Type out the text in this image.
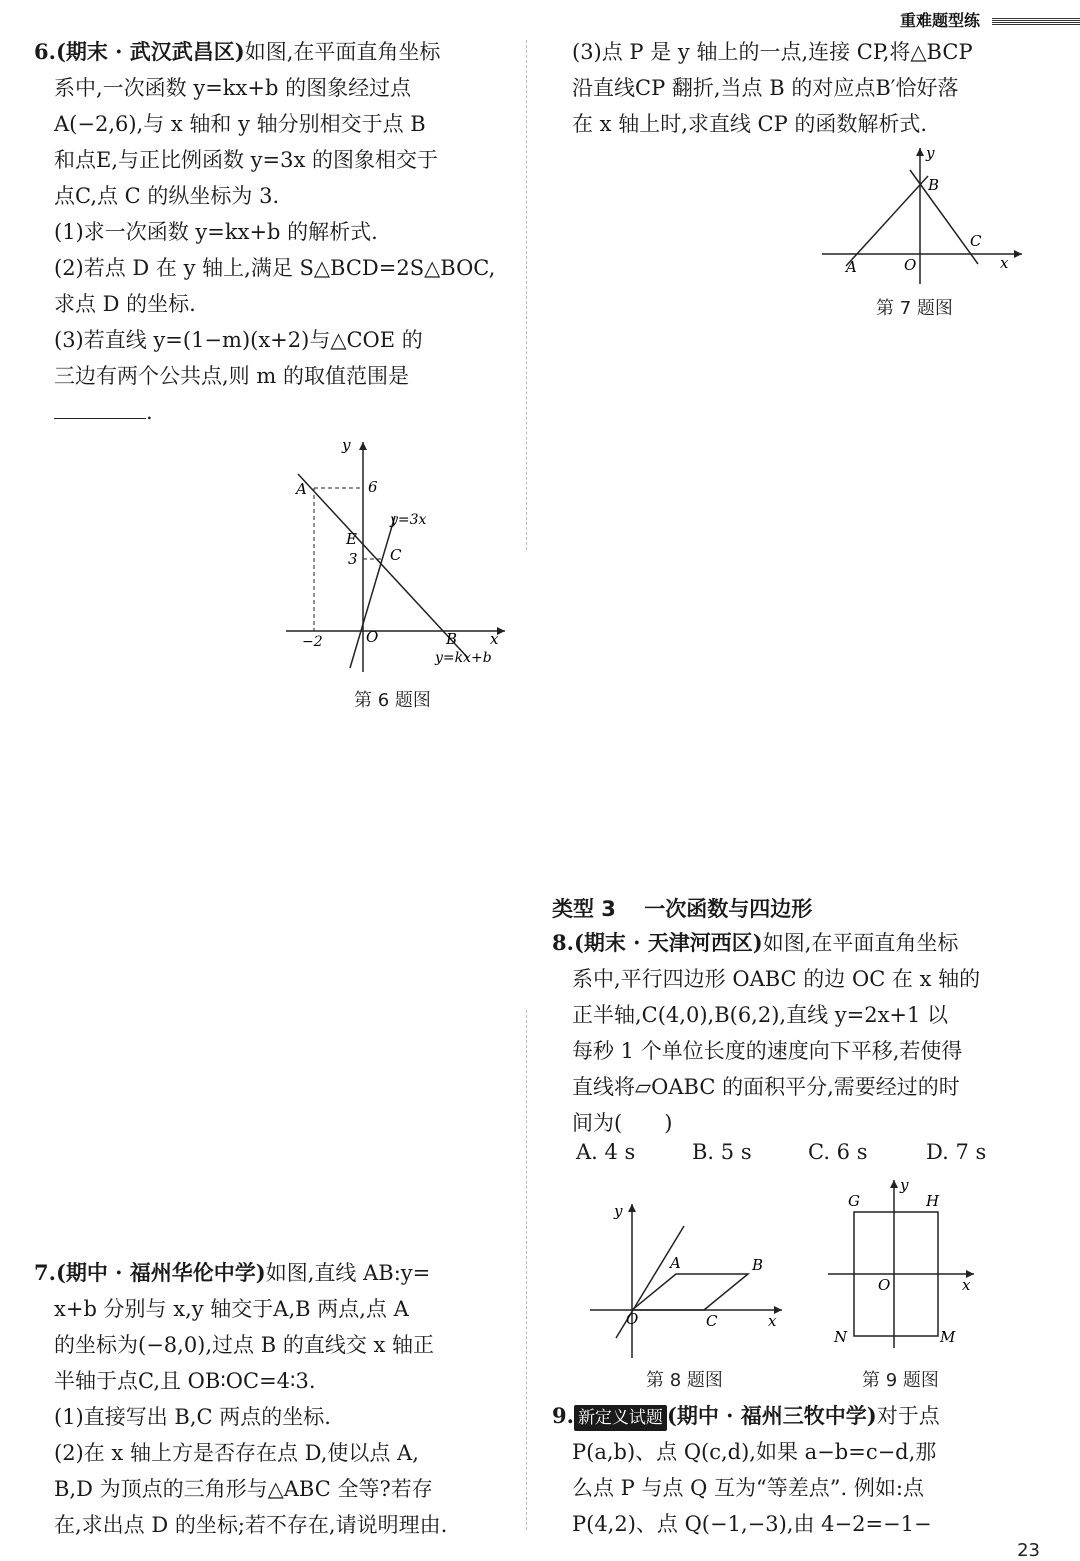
重难题型练

6.(期末 · 武汉武昌区)如图,在平面直角坐标

系中,一次函数 y=kx+b 的图象经过点

A(−2,6),与 x 轴和 y 轴分别相交于点 B

和点E,与正比例函数 y=3x 的图象相交于

点C,点 C 的纵坐标为 3.

(1)求一次函数 y=kx+b 的解析式.

(2)若点 D 在 y 轴上,满足 S△BCD=2S△BOC,

求点 D 的坐标.

(3)若直线 y=(1−m)(x+2)与△COE 的

三边有两个公共点,则 m 的取值范围是

.

y
A	6
y=3x
E
3 C
−2	O	B x
y=kx+b
第 6 题图

(3)点 P 是 y 轴上的一点,连接 CP,将△BCP

沿直线CP 翻折,当点 B 的对应点B′恰好落

在 x 轴上时,求直线 CP 的函数解析式.

y
B
C
A	O	x
第 7 题图
类型 3　 一次函数与四边形

8.(期末 · 天津河西区)如图,在平面直角坐标

系中,平行四边形 OABC 的边 OC 在 x 轴的

正半轴,C(4,0),B(6,2),直线 y=2x+1 以

每秒 1 个单位长度的速度向下平移,若使得

直线将▱OABC 的面积平分,需要经过的时

间为(　　)

A. 4 s	B. 5 s	C. 6 s	D. 7 s
y
A	B
O	C	x
第 8 题图
y
G	H
O	x
N	M
第 9 题图

7.(期中 · 福州华伦中学)如图,直线 AB:y=

x+b 分别与 x,y 轴交于A,B 两点,点 A

的坐标为(−8,0),过点 B 的直线交 x 轴正

半轴于点C,且 OB∶OC=4∶3.

(1)直接写出 B,C 两点的坐标.

(2)在 x 轴上方是否存在点 D,使以点 A,

B,D 为顶点的三角形与△ABC 全等?若存

在,求出点 D 的坐标;若不存在,请说明理由.

9. 新定义试题 (期中 · 福州三牧中学)对于点

P(a,b)、点 Q(c,d),如果 a−b=c−d,那

么点 P 与点 Q 互为“等差点”. 例如:点

P(4,2)、点 Q(−1,−3),由 4−2=−1−

23
